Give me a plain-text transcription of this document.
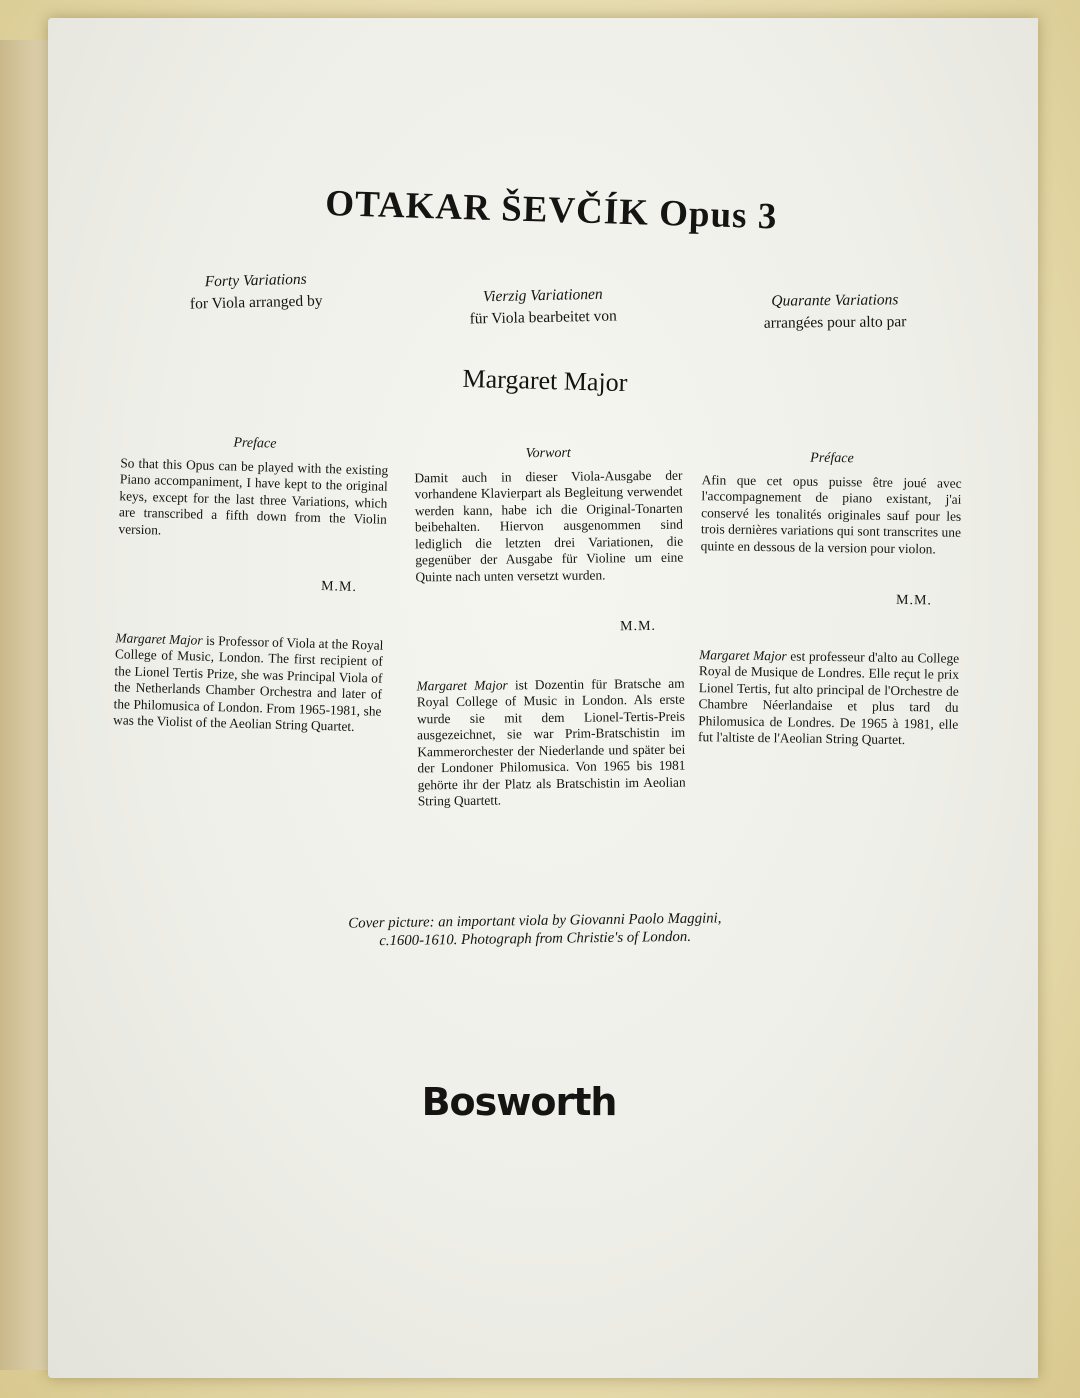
OTAKAR ŠEVČÍK Opus 3
Forty Variations
for Viola arranged by	Vierzig Variationen
für Viola bearbeitet von
Quarante Variations
arrangées pour alto par
Margaret Major
Preface

So that this Opus can be played with the existing Piano accompaniment, I have kept to the original keys, except for the last three Variations, which are transcribed a fifth down from the Violin version.

M.M.

Margaret Major is Professor of Viola at the Royal College of Music, London. The first recipient of the Lionel Tertis Prize, she was Principal Viola of the Netherlands Chamber Orchestra and later of the Philomusica of London. From 1965-1981, she was the Violist of the Aeolian String Quartet.

Vorwort

Damit auch in dieser Viola-Ausgabe der vorhandene Klavierpart als Begleitung verwendet werden kann, habe ich die Original-Tonarten beibehalten. Hiervon ausgenommen sind lediglich die letzten drei Variationen, die gegenüber der Ausgabe für Violine um eine Quinte nach unten versetzt wurden.

M.M.

Margaret Major ist Dozentin für Bratsche am Royal College of Music in London. Als erste wurde sie mit dem Lionel-Tertis-Preis ausgezeichnet, sie war Prim-Bratschistin im Kammerorchester der Niederlande und später bei der Londoner Philomusica. Von 1965 bis 1981 gehörte ihr der Platz als Bratschistin im Aeolian String Quartett.

Préface

Afin que cet opus puisse être joué avec l'accompagnement de piano existant, j'ai conservé les tonalités originales sauf pour les trois dernières variations qui sont transcrites une quinte en dessous de la version pour violon.

M.M.

Margaret Major est professeur d'alto au College Royal de Musique de Londres. Elle reçut le prix Lionel Tertis, fut alto principal de l'Orchestre de Chambre Néerlandaise et plus tard du Philomusica de Londres. De 1965 à 1981, elle fut l'altiste de l'Aeolian String Quartet.

Cover picture: an important viola by Giovanni Paolo Maggini,
c.1600-1610. Photograph from Christie's of London.
Bosworth
